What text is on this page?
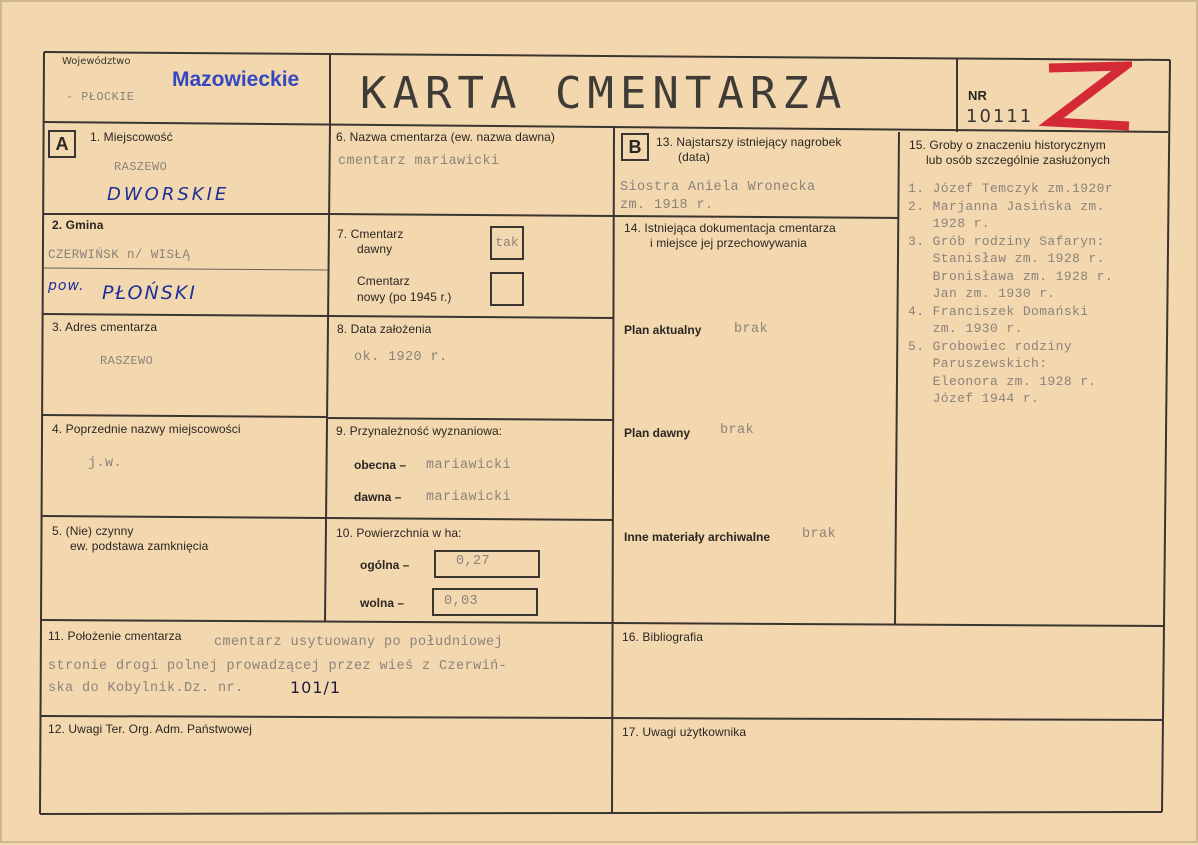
Województwo
- PŁOCKIE
Mazowieckie KARTA CMENTARZA	NR
10111
A	B
1. Miejscowość
RASZEWO
DWORSKIE
2. Gmina
CZERWIŃSK n/ WISŁĄ
pow. PŁOŃSKI
3. Adres cmentarza
RASZEWO
4. Poprzednie nazwy miejscowości
j.w.
5. (Nie) czynny
ew. podstawa zamknięcia
6. Nazwa cmentarza (ew. nazwa dawna)
cmentarz mariawicki
7. Cmentarz
dawny	tak
Cmentarz
nowy (po 1945 r.)
8. Data założenia
ok. 1920 r.
9. Przynależność wyznaniowa:
obecna – mariawicki
dawna – mariawicki
10. Powierzchnia w ha:
ogólna –	0,27
wolna –	0,03
11. Położenie cmentarza cmentarz usytuowany po południowej
stronie drogi polnej prowadzącej przez wieś z Czerwiń-
ska do Kobylnik.Dz. nr.	101/1
12. Uwagi Ter. Org. Adm. Państwowej
13. Najstarszy istniejący nagrobek
(data)
Siostra Aniela Wronecka
zm. 1918 r.
14. Istniejąca dokumentacja cmentarza
i miejsce jej przechowywania
Plan aktualny brak
Plan dawny brak
Inne materiały archiwalne brak
15. Groby o znaczeniu historycznym
lub osób szczególnie zasłużonych
1. Józef Temczyk zm.1920r
2. Marjanna Jasińska zm.
1928 r.
3. Grób rodziny Safaryn:
Stanisław zm. 1928 r.
Bronisława zm. 1928 r.
Jan zm. 1930 r.
4. Franciszek Domański
zm. 1930 r.
5. Grobowiec rodziny
Paruszewskich:
Eleonora zm. 1928 r.
Józef 1944 r.
16. Bibliografia
17. Uwagi użytkownika
